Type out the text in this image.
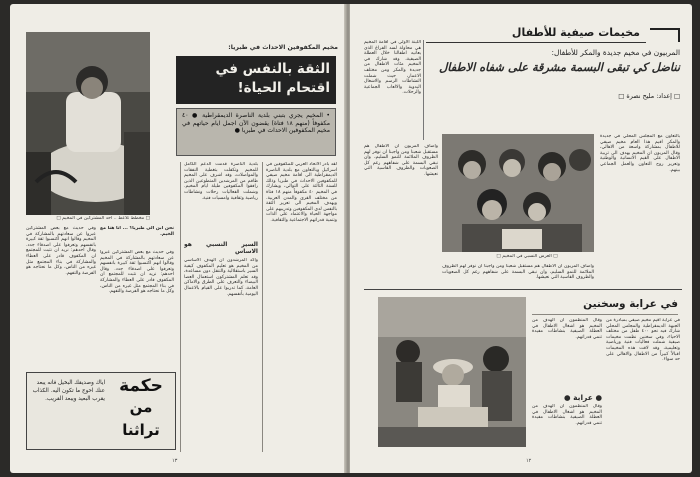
□ مخطط تلاعط .. احد المشتركين في المخيم □
مخيم المكفوفين الاحداث في طبريا:
الثقة بالنفس في اقتحام الحياة!
• المخيم يجري بتبني بلدية الناصرة الديمقراطية ● ٤٠ مكفوفاً (منهم ١٨ فتاة) يقضون الآن اجمل ايام حياتهم في مخيم المكفوفين الاحداث في طبريا ●
لقد بادر الاتحاد العربي للمكفوفين في اسرائيل وبالتعاون مع بلدية الناصرة الديمقراطية الى اقامة مخيم صيفي للمكفوفين الاحداث في طبريا وذلك للسنة الثالثة على التوالي، ويشارك في المخيم ٤٠ مكفوفاً منهم ١٨ فتاة من مختلف القرى والمدن العربية. ويهدف المخيم الى تعزيز الثقة بالنفس لدى المكفوفين وتدريبهم على مواجهة الحياة والاعتماد على الذات وتنمية قدراتهم الاجتماعية والثقافية.
بلدية الناصرة قدمت الدعم الكامل للمخيم وتكفلت بتغطية النفقات والمواصلات، وقد اشرف على المخيم طاقم من المرشدين المتطوعين الذين رافقوا المكفوفين طيلة ايام المخيم. وشملت الفعاليات رحلات ونشاطات رياضية وثقافية وامسيات فنية.
السير النسبي هو الاساس
واكد المرشدون ان الهدف الاساسي من المخيم هو تعليم المكفوف كيفية السير باستقلالية والتنقل دون مساعدة، وقد تعلم المشتركون استعمال العصا البيضاء والتعرف على الطرق والاماكن العامة، كما تدربوا على القيام بالاعمال اليومية بأنفسهم.
نحن ابن الى طبريا؟ ... انا هنا مع الخيم.
وفي حديث مع بعض المشتركين عبروا عن سعادتهم بالمشاركة في المخيم وقالوا انهم اكتسبوا ثقة كبيرة بانفسهم وتعرفوا على اصدقاء جدد. وقال احدهم: نريد ان نثبت للمجتمع ان المكفوف قادر على العطاء والمشاركة في بناء المجتمع مثل غيره من الناس، وكل ما نحتاجه هو الفرصة والتفهم.
وفي حديث مع بعض المشتركين عبروا عن سعادتهم بالمشاركة في المخيم وقالوا انهم اكتسبوا ثقة كبيرة بانفسهم وتعرفوا على اصدقاء جدد. وقال احدهم: نريد ان نثبت للمجتمع ان المكفوف قادر على العطاء والمشاركة في بناء المجتمع مثل غيره من الناس، وكل ما نحتاجه هو الفرصة والتفهم.
اياك وصديقك البخيل فانه يبعد عنك احوج ما تكون اليه. الكذاب يقرب البعيد ويبعد القريب.
حكمة
من
تراثنا
١٣
مخيمات صيفية للأطفال
اللبنة الاولى في اقامة المخيم هي محاولة لسد الفراغ الذي يعانيه اطفالنا خلال العطلة الصيفية، وقد شارك في المخيم مئات الاطفال من جديدة والمكر ومن مختلف الاعمار، حيث شملت النشاطات الرسم والاشغال اليدوية والالعاب الجماعية والرحلات.
المربيون في مخيم جديدة والمكر للأطفال:
نناضل كي تبقى البسمة مشرقة على شفاه الاطفال
□ إعداد: مليح نصرة □
بالتعاون مع المجلس المحلي في جديدة والمكر اقيم هذا العام مخيم صيفي للاطفال بمشاركة واسعة من الاهالي، وقال المربون ان المخيم يهدف الى تربية الاطفال على القيم الانسانية والوطنية وتعزيز روح التعاون والعمل الجماعي بينهم.
□ العرس النسبي في المخيم □
واضاف المربون ان الاطفال هم مستقبل شعبنا ومن واجبنا ان نوفر لهم الظروف الملائمة للنمو السليم، وان نبقي البسمة على شفاههم رغم كل الصعوبات والظروف القاسية التي نعيشها.
واضاف المربون ان الاطفال هم مستقبل شعبنا ومن واجبنا ان نوفر لهم الظروف الملائمة للنمو السليم، وان نبقي البسمة على شفاههم رغم كل الصعوبات والظروف القاسية التي نعيشها.
في عرابة وسخنين
في عرابة اقيم مخيم صيفي بمبادرة من الجبهة الديمقراطية والمجلس المحلي شارك فيه نحو ٤٠٠ طفل من مختلف الاحياء، وفي سخنين نظمت مخيمات صيفية شملت فعاليات فنية ورياضية وتعليمية، وقد لاقت هذه المخيمات اقبالاً كبيراً من الاطفال والاهالي على حد سواء.
وقال المنظمون ان الهدف من المخيم هو اشغال الاطفال في العطلة الصيفية بنشاطات مفيدة تنمي قدراتهم.
● عرابة ●
وقال المنظمون ان الهدف من المخيم هو اشغال الاطفال في العطلة الصيفية بنشاطات مفيدة تنمي قدراتهم.
١٢
